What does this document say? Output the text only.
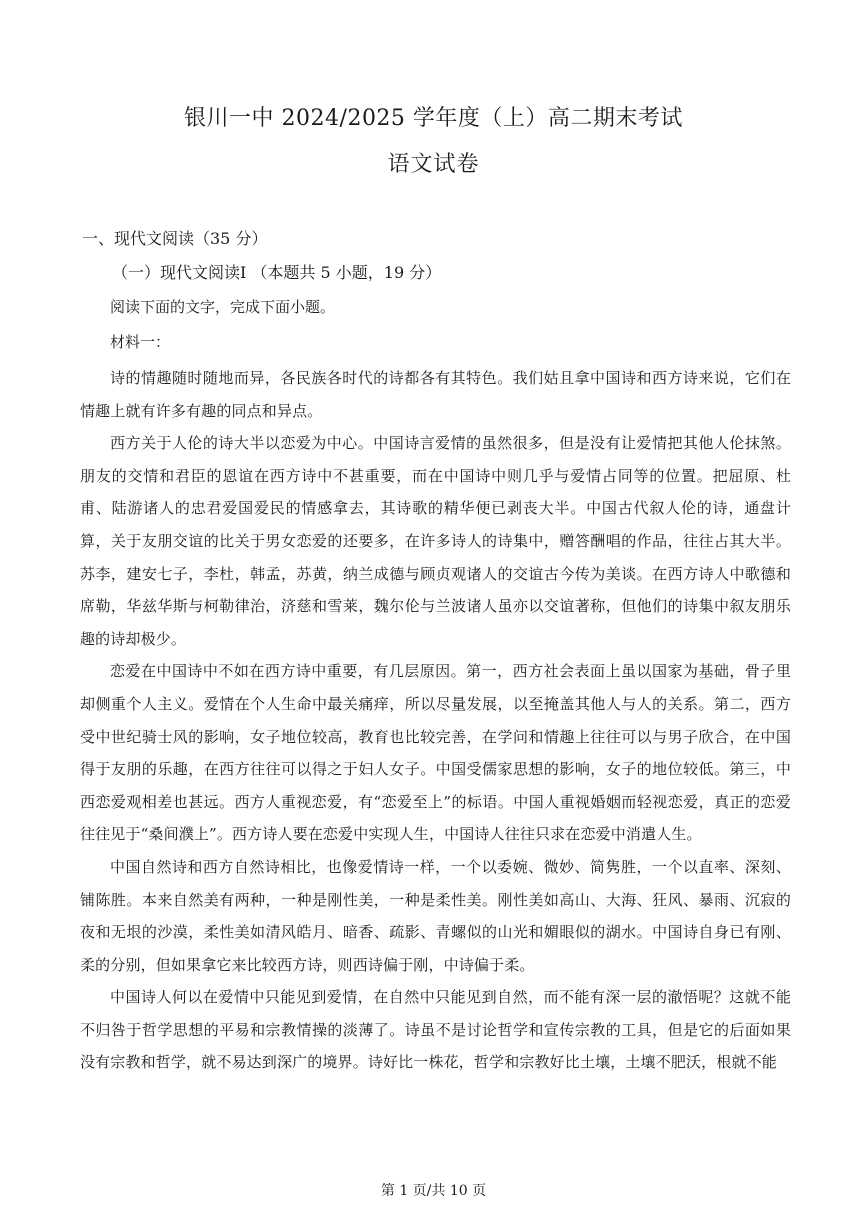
银川一中 2024/2025 学年度（上）高二期末考试
语文试卷
一、现代文阅读（35 分）
（一）现代文阅读Ⅰ （本题共 5 小题，19 分）
阅读下面的文字，完成下面小题。
材料一：

诗的情趣随时随地而异，各民族各时代的诗都各有其特色。我们姑且拿中国诗和西方诗来说，它们在情趣上就有许多有趣的同点和异点。

西方关于人伦的诗大半以恋爱为中心。中国诗言爱情的虽然很多，但是没有让爱情把其他人伦抹煞。朋友的交情和君臣的恩谊在西方诗中不甚重要，而在中国诗中则几乎与爱情占同等的位置。把屈原、杜甫、陆游诸人的忠君爱国爱民的情感拿去，其诗歌的精华便已剥丧大半。中国古代叙人伦的诗，通盘计算，关于友朋交谊的比关于男女恋爱的还要多，在许多诗人的诗集中，赠答酬唱的作品，往往占其大半。苏李，建安七子，李杜，韩孟，苏黄，纳兰成德与顾贞观诸人的交谊古今传为美谈。在西方诗人中歌德和席勒，华兹华斯与柯勒律治，济慈和雪莱，魏尔伦与兰波诸人虽亦以交谊著称，但他们的诗集中叙友朋乐趣的诗却极少。

恋爱在中国诗中不如在西方诗中重要，有几层原因。第一，西方社会表面上虽以国家为基础，骨子里却侧重个人主义。爱情在个人生命中最关痛痒，所以尽量发展，以至掩盖其他人与人的关系。第二，西方受中世纪骑士风的影响，女子地位较高，教育也比较完善，在学问和情趣上往往可以与男子欣合，在中国得于友朋的乐趣，在西方往往可以得之于妇人女子。中国受儒家思想的影响，女子的地位较低。第三，中西恋爱观相差也甚远。西方人重视恋爱，有“恋爱至上”的标语。中国人重视婚姻而轻视恋爱，真正的恋爱往往见于“桑间濮上”。西方诗人要在恋爱中实现人生，中国诗人往往只求在恋爱中消遣人生。

中国自然诗和西方自然诗相比，也像爱情诗一样，一个以委婉、微妙、简隽胜，一个以直率、深刻、铺陈胜。本来自然美有两种，一种是刚性美，一种是柔性美。刚性美如高山、大海、狂风、暴雨、沉寂的夜和无垠的沙漠，柔性美如清风皓月、暗香、疏影、青螺似的山光和媚眼似的湖水。中国诗自身已有刚、柔的分别，但如果拿它来比较西方诗，则西诗偏于刚，中诗偏于柔。

中国诗人何以在爱情中只能见到爱情，在自然中只能见到自然，而不能有深一层的澈悟呢？这就不能不归咎于哲学思想的平易和宗教情操的淡薄了。诗虽不是讨论哲学和宣传宗教的工具，但是它的后面如果没有宗教和哲学，就不易达到深广的境界。诗好比一株花，哲学和宗教好比土壤，土壤不肥沃，根就不能

第 1 页/共 10 页
